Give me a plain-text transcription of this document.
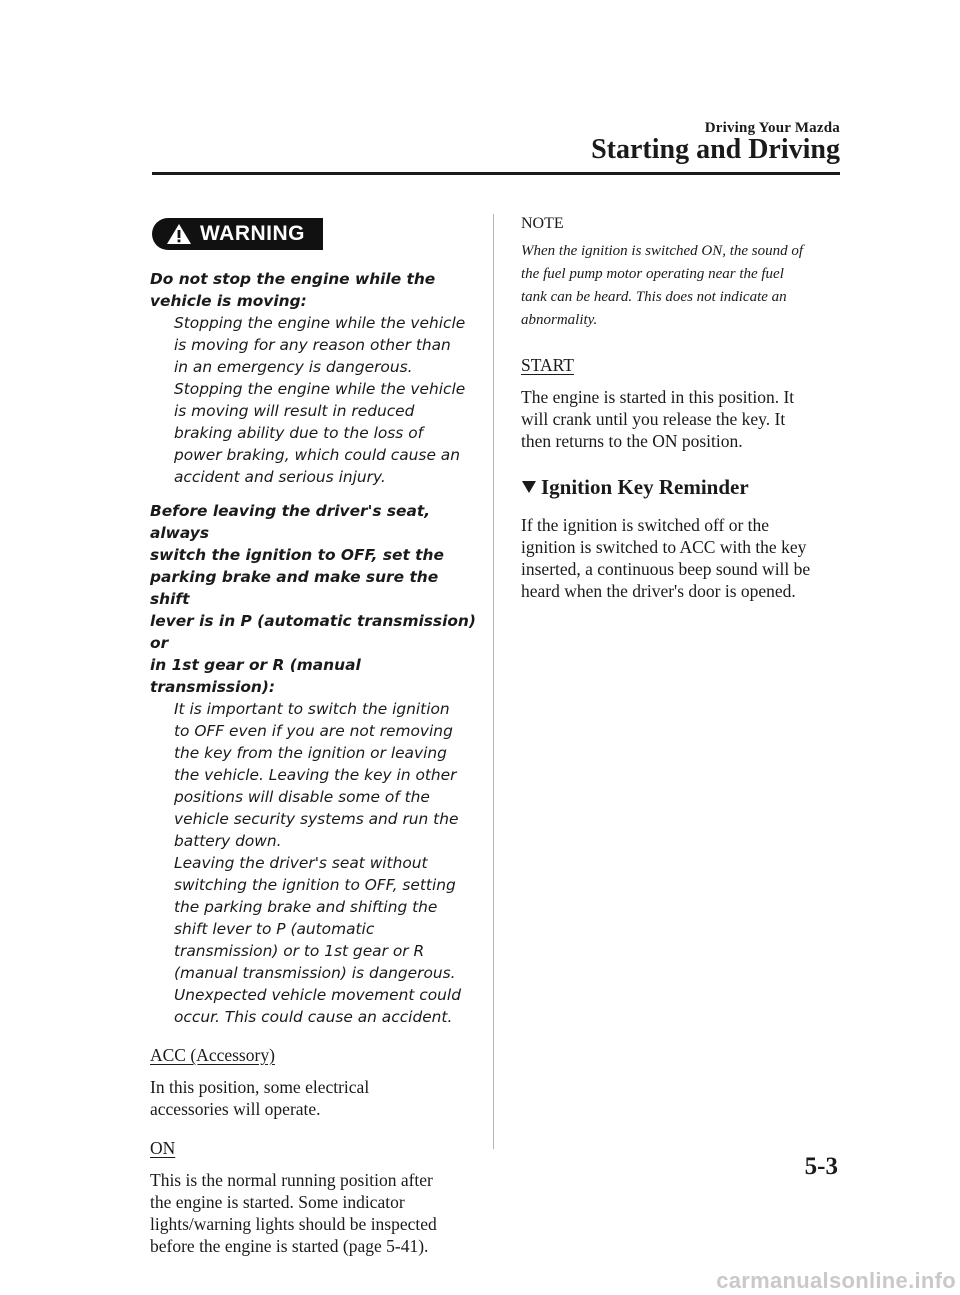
Driving Your Mazda
Starting and Driving
WARNING

Do not stop the engine while the

vehicle is moving:

Stopping the engine while the vehicle

is moving for any reason other than

in an emergency is dangerous.

Stopping the engine while the vehicle

is moving will result in reduced

braking ability due to the loss of

power braking, which could cause an

accident and serious injury.

Before leaving the driver's seat, always

switch the ignition to OFF, set the

parking brake and make sure the shift

lever is in P (automatic transmission) or

in 1st gear or R (manual transmission):

It is important to switch the ignition

to OFF even if you are not removing

the key from the ignition or leaving

the vehicle. Leaving the key in other

positions will disable some of the

vehicle security systems and run the

battery down.

Leaving the driver's seat without

switching the ignition to OFF, setting

the parking brake and shifting the

shift lever to P (automatic

transmission) or to 1st gear or R

(manual transmission) is dangerous.

Unexpected vehicle movement could

occur. This could cause an accident.

ACC (Accessory)

In this position, some electrical

accessories will operate.

ON

This is the normal running position after

the engine is started. Some indicator

lights/warning lights should be inspected

before the engine is started (page 5-41).

NOTE

When the ignition is switched ON, the sound of

the fuel pump motor operating near the fuel

tank can be heard. This does not indicate an

abnormality.

START

The engine is started in this position. It

will crank until you release the key. It

then returns to the ON position.

Ignition Key Reminder

If the ignition is switched off or the

ignition is switched to ACC with the key

inserted, a continuous beep sound will be

heard when the driver's door is opened.

5-3
carmanualsonline.info
